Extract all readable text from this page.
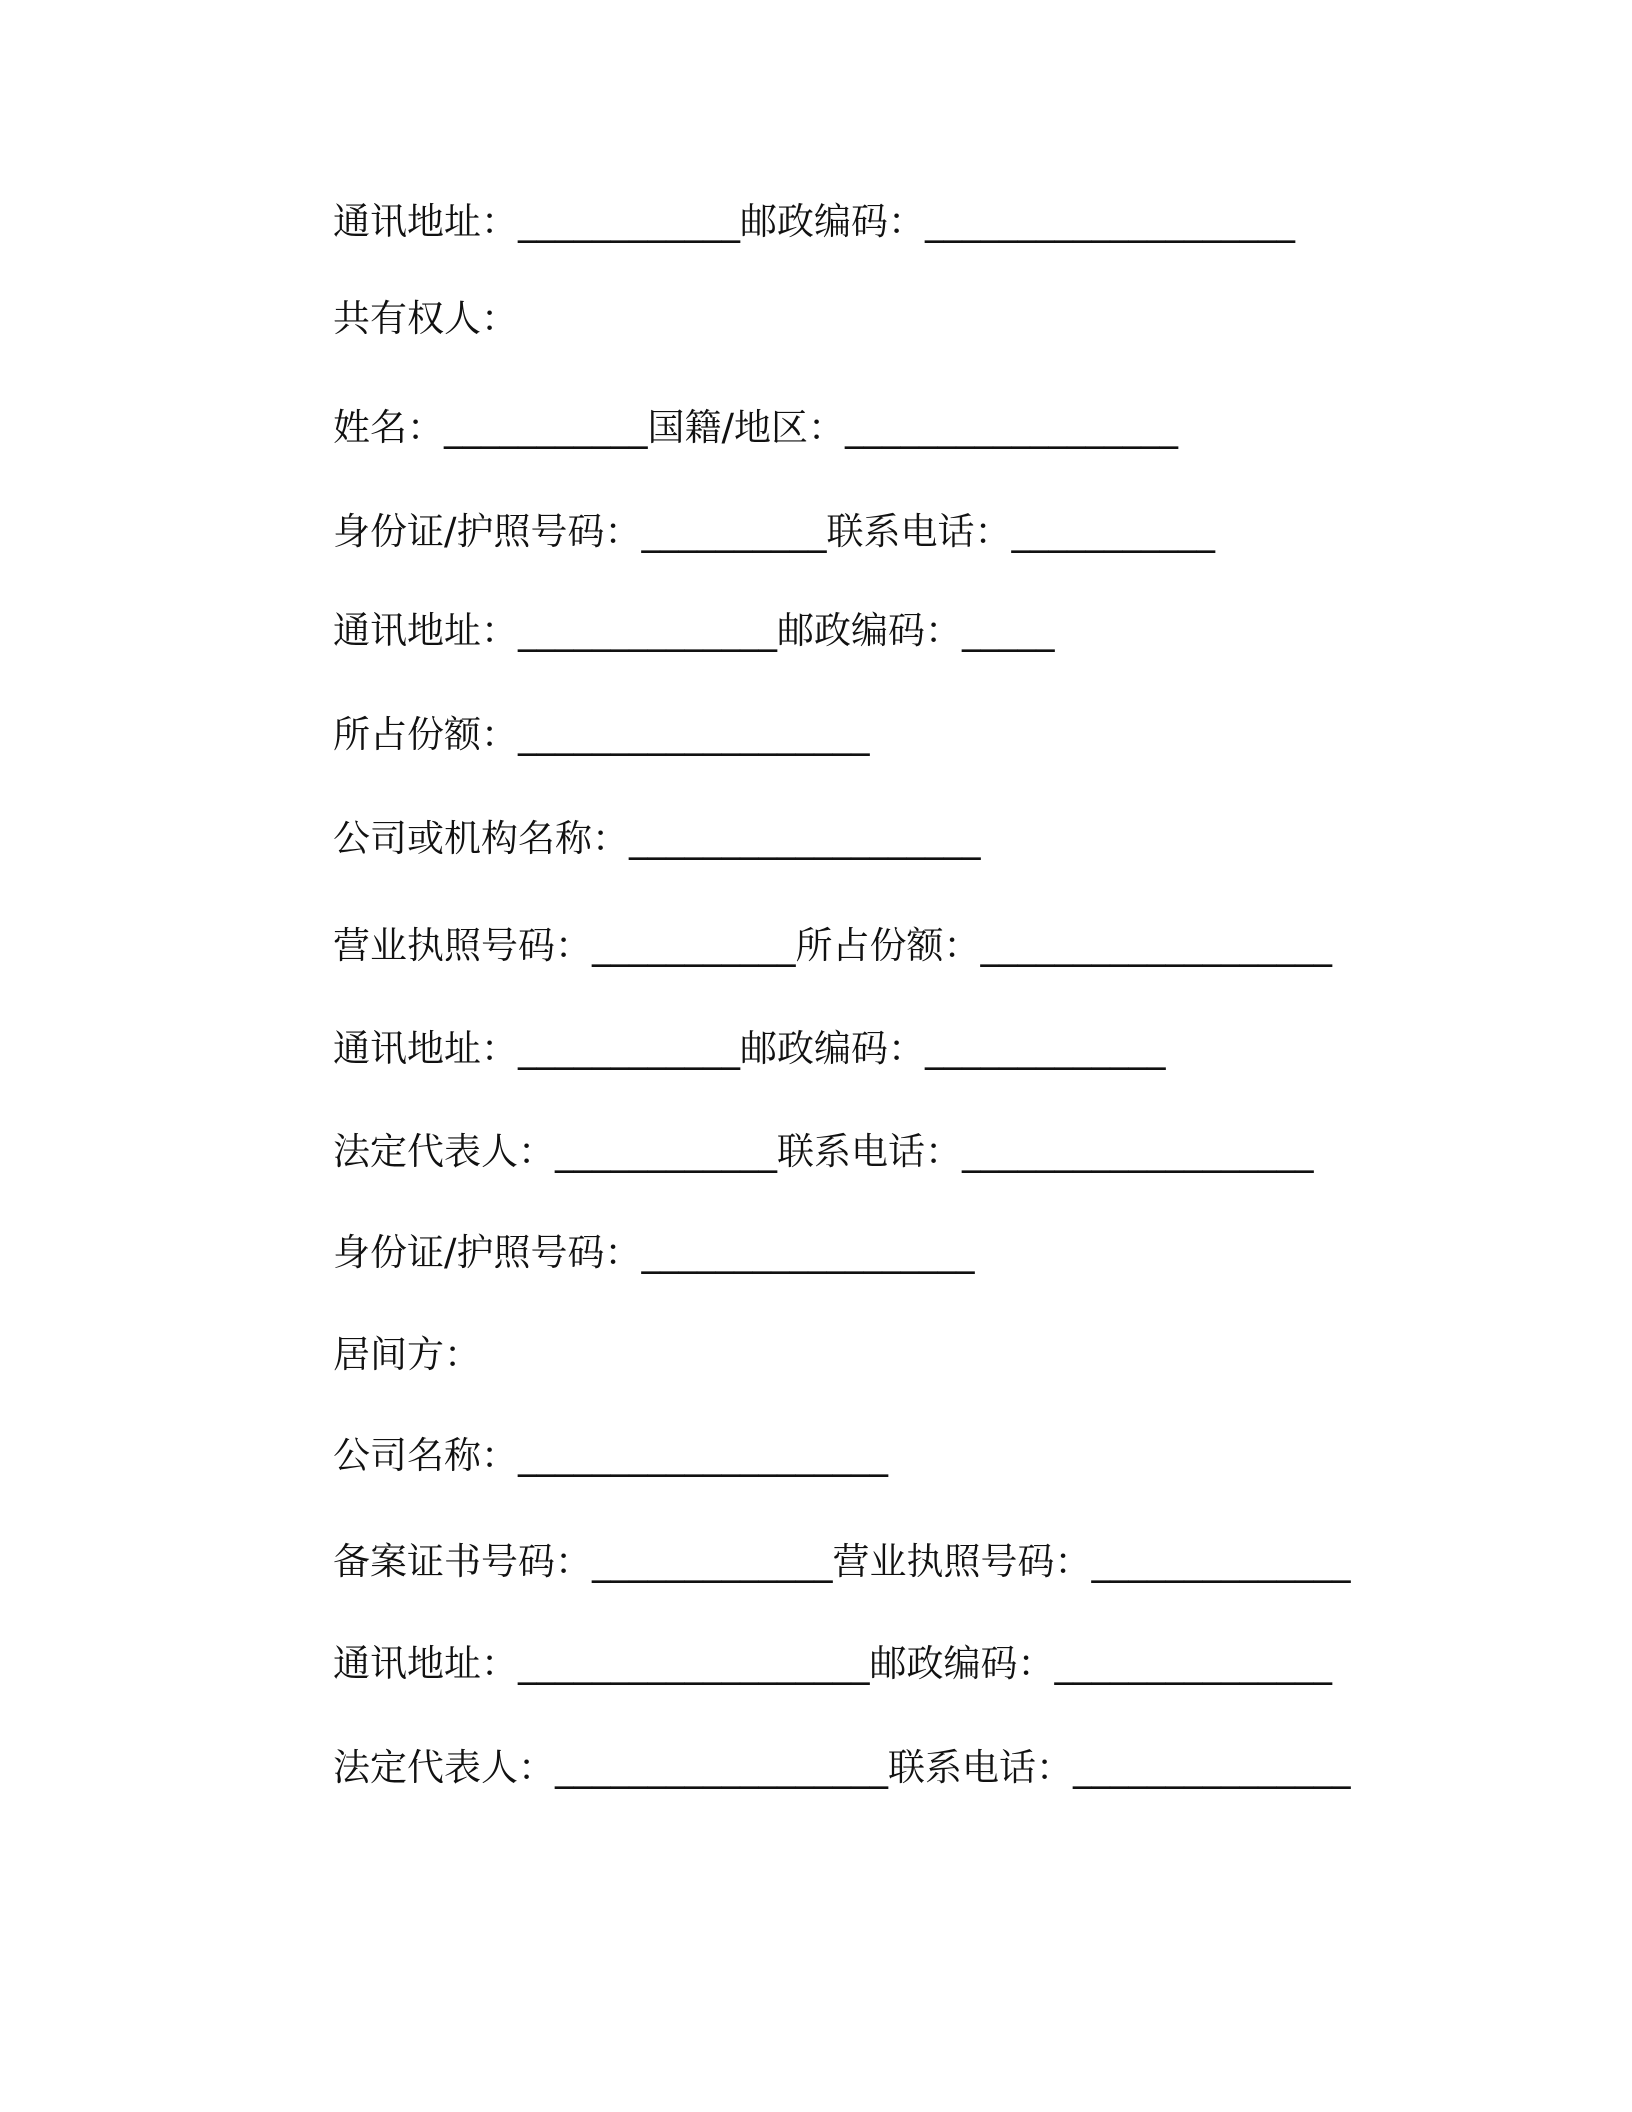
通讯地址：____________邮政编码：____________________
共有权人：
姓名：___________国籍/地区：__________________
身份证/护照号码：__________联系电话：___________
通讯地址：______________邮政编码：_____
所占份额：___________________
公司或机构名称：___________________
营业执照号码：___________所占份额：___________________
通讯地址：____________邮政编码：_____________
法定代表人：____________联系电话：___________________
身份证/护照号码：__________________
居间方：
公司名称：____________________
备案证书号码：_____________营业执照号码：______________
通讯地址：___________________邮政编码：_______________
法定代表人：__________________联系电话：_______________
